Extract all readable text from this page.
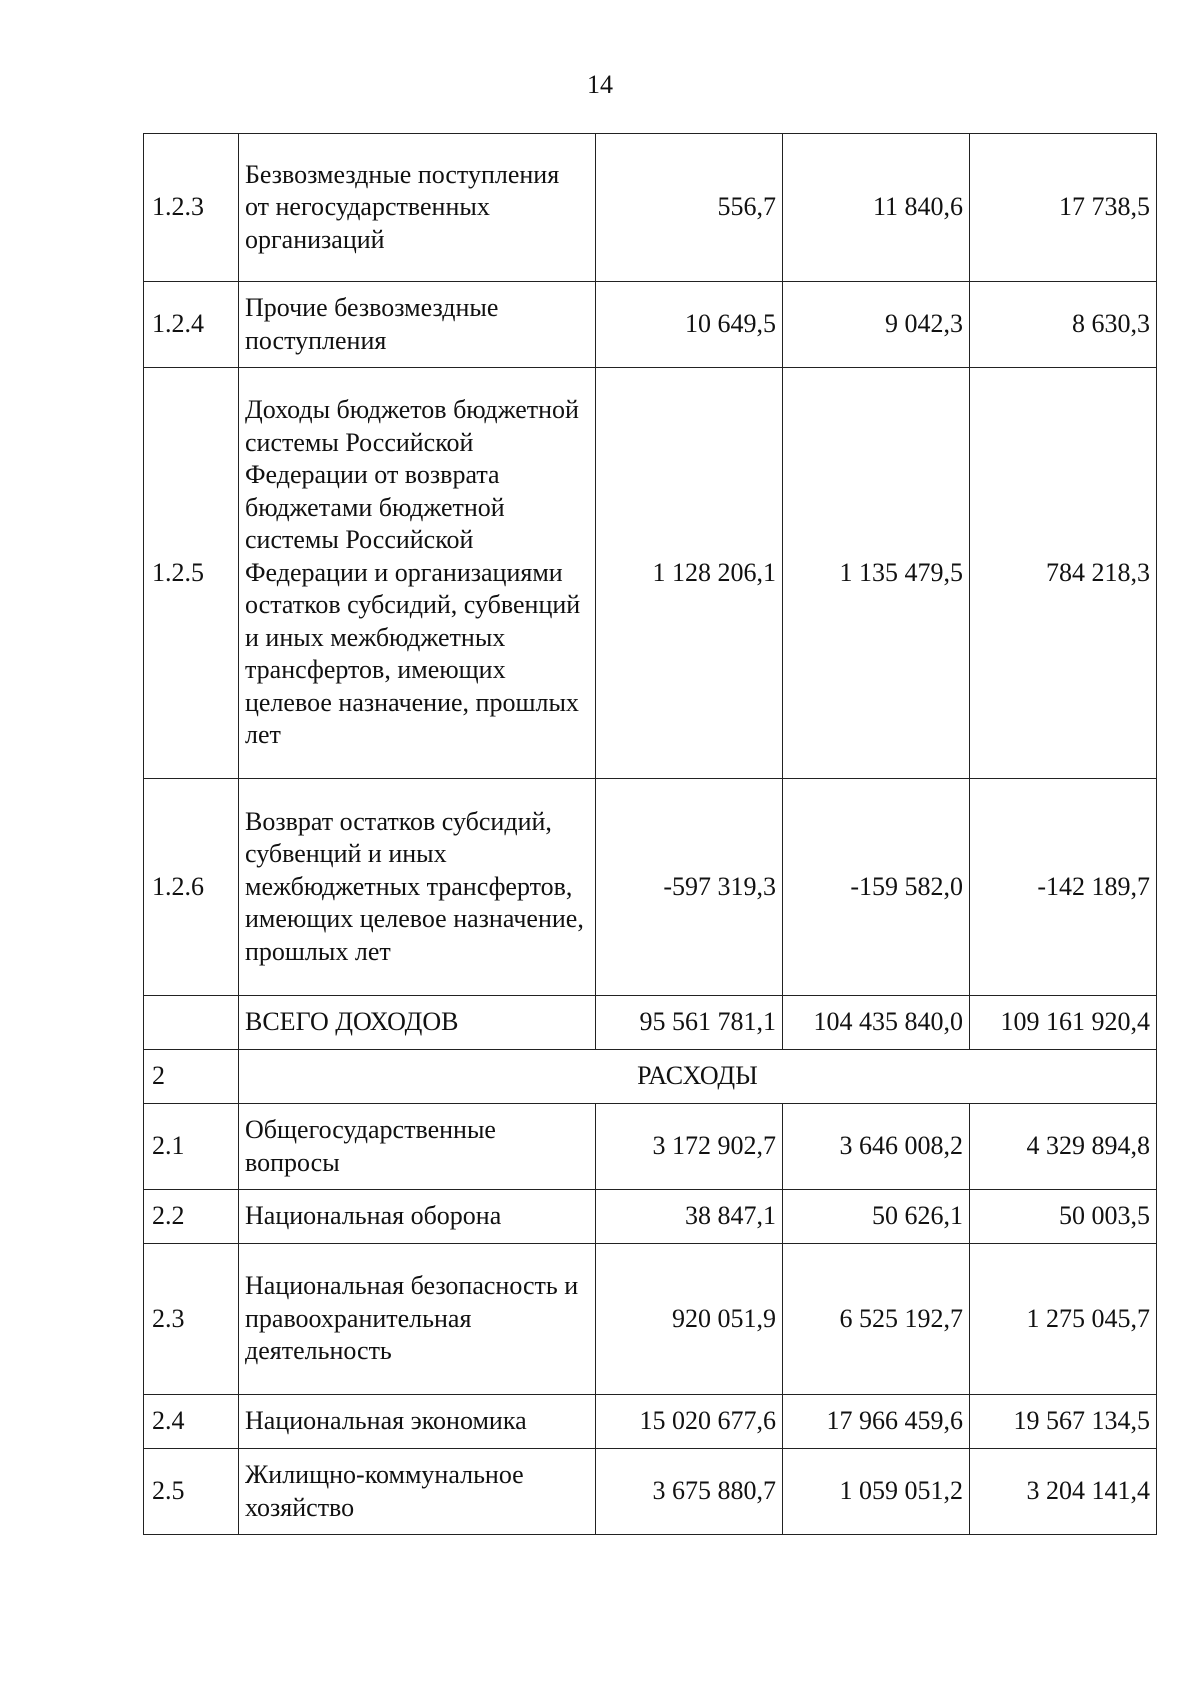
14
1.2.3	Безвозмездные поступления от негосударственных организаций	556,7	11 840,6	17 738,5
1.2.4	Прочие безвозмездные поступления	10 649,5	9 042,3	8 630,3
1.2.5	Доходы бюджетов бюджетной системы Российской Федерации от возврата бюджетами бюджетной системы Российской Федерации и организациями остатков субсидий, субвенций и иных межбюджетных трансфертов, имеющих целевое назначение, прошлых лет	1 128 206,1	1 135 479,5	784 218,3
1.2.6	Возврат остатков субсидий, субвенций и иных межбюджетных трансфертов, имеющих целевое назначение, прошлых лет	-597 319,3	-159 582,0	-142 189,7
	ВСЕГО ДОХОДОВ	95 561 781,1	104 435 840,0	109 161 920,4
2	РАСХОДЫ			
2.1	Общегосударственные вопросы	3 172 902,7	3 646 008,2	4 329 894,8
2.2	Национальная оборона	38 847,1	50 626,1	50 003,5
2.3	Национальная безопасность и правоохранительная деятельность	920 051,9	6 525 192,7	1 275 045,7
2.4	Национальная экономика	15 020 677,6	17 966 459,6	19 567 134,5
2.5	Жилищно-коммунальное хозяйство	3 675 880,7	1 059 051,2	3 204 141,4
